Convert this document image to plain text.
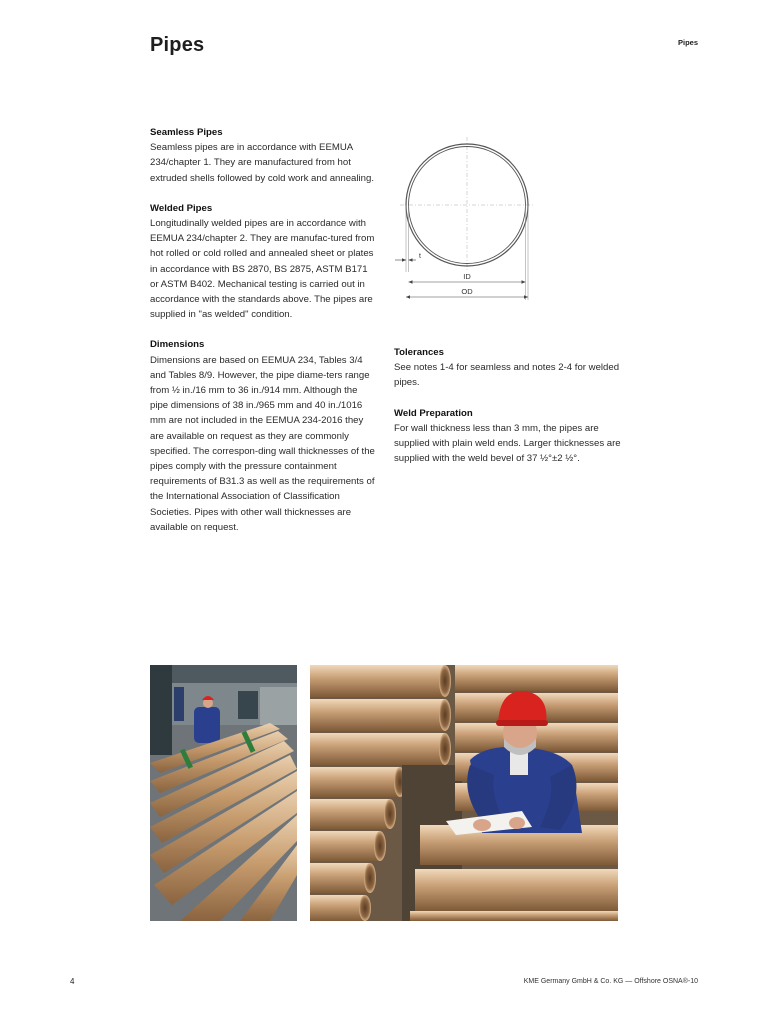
Pipes	Pipes
Seamless Pipes

Seamless pipes are in accordance with EEMUA 234/chapter 1. They are manufactured from hot extruded shells followed by cold work and annealing.

Welded Pipes

Longitudinally welded pipes are in accordance with EEMUA 234/chapter 2. They are manufac-tured from hot rolled or cold rolled and annealed sheet or plates in accordance with BS 2870, BS 2875, ASTM B171 or ASTM B402. Mechanical testing is carried out in accordance with the standards above. The pipes are supplied in "as welded" condition.

Dimensions

Dimensions are based on EEMUA 234, Tables 3/4 and Tables 8/9. However, the pipe diame-ters range from ½ in./16 mm to 36 in./914 mm. Although the pipe dimensions of 38 in./965 mm and 40 in./1016 mm are not included in the EEMUA 234-2016 they are available on request as they are commonly specified. The correspon-ding wall thicknesses of the pipes comply with the pressure containment requirements of B31.3 as well as the requirements of the International Association of Classification Societies. Pipes with other wall thicknesses are available on request.

t
ID
OD
Tolerances

See notes 1-4 for seamless and notes 2-4 for welded pipes.

Weld Preparation

For wall thickness less than 3 mm, the pipes are supplied with plain weld ends. Larger thicknesses are supplied with the weld bevel of 37 ½°±2 ½°.

4	KME Germany GmbH & Co. KG — Offshore OSNA®-10
